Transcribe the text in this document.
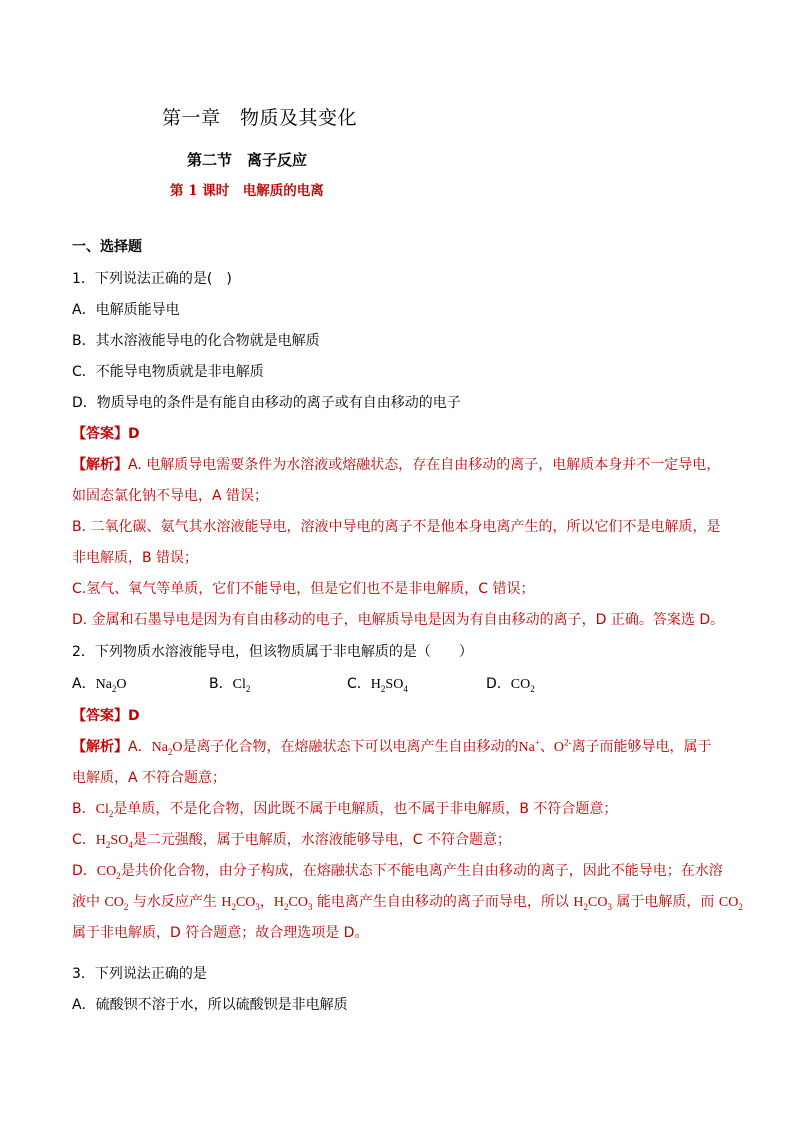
第一章　物质及其变化
第二节　离子反应
第 1 课时　电解质的电离
一、选择题
1．下列说法正确的是(　)
A．电解质能导电
B．其水溶液能导电的化合物就是电解质
C．不能导电物质就是非电解质
D．物质导电的条件是有能自由移动的离子或有自由移动的电子
【答案】D
【解析】A. 电解质导电需要条件为水溶液或熔融状态，存在自由移动的离子，电解质本身并不一定导电，
如固态氯化钠不导电，A 错误；
B. 二氧化碳、氨气其水溶液能导电，溶液中导电的离子不是他本身电离产生的，所以它们不是电解质，是
非电解质，B 错误；
C.氢气、氧气等单质，它们不能导电，但是它们也不是非电解质，C 错误；
D. 金属和石墨导电是因为有自由移动的电子，电解质导电是因为有自由移动的离子，D 正确。答案选 D。
2．下列物质水溶液能导电，但该物质属于非电解质的是（　　）
A．$Na_2O$	B．$Cl_2$	C．$H_2SO_4$	D．$CO_2$
【答案】D
【解析】A．$Na_2O$是离子化合物，在熔融状态下可以电离产生自由移动的Na+、$O^{2-}$离子而能够导电，属于
电解质，A 不符合题意；
B．$Cl_2$是单质，不是化合物，因此既不属于电解质，也不属于非电解质，B 不符合题意；
C．$H_2SO_4$是二元强酸，属于电解质，水溶液能够导电，C 不符合题意；
D．$CO_2$是共价化合物，由分子构成，在熔融状态下不能电离产生自由移动的离子，因此不能导电；在水溶
液中 $CO_2$ 与水反应产生 $H_2CO_3$，$H_2CO_3$ 能电离产生自由移动的离子而导电，所以 $H_2CO_3$ 属于电解质，而 $CO_2$
属于非电解质，D 符合题意；故合理选项是 D。
3．下列说法正确的是
A．硫酸钡不溶于水，所以硫酸钡是非电解质
